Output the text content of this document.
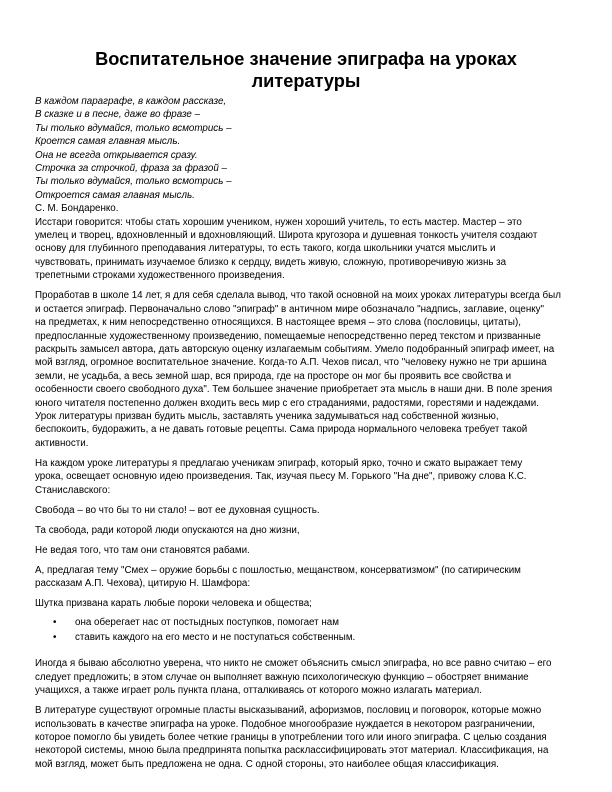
Воспитательное значение эпиграфа на уроках
литературы
В каждом параграфе, в каждом рассказе,
В сказке и в песне, даже во фразе –
Ты только вдумайся, только всмотрись –
Кроется самая главная мысль.
Она не всегда открывается сразу.
Строчка за строчкой, фраза за фразой –
Ты только вдумайся, только всмотрись –
Откроется самая главная мысль.
С. М. Бондаренко.
Исстари говорится: чтобы стать хорошим учеником, нужен хороший учитель, то есть мастер. Мастер – это
умелец и творец, вдохновленный и вдохновляющий. Широта кругозора и душевная тонкость учителя создают
основу для глубинного преподавания литературы, то есть такого, когда школьники учатся мыслить и
чувствовать, принимать изучаемое близко к сердцу, видеть живую, сложную, противоречивую жизнь за
трепетными строками художественного произведения.
Проработав в школе 14 лет, я для себя сделала вывод, что такой основной на моих уроках литературы всегда был
и остается эпиграф. Первоначально слово "эпиграф" в античном мире обозначало "надпись, заглавие, оценку"
на предметах, к ним непосредственно относящихся. В настоящее время – это слова (пословицы, цитаты),
предпосланные художественному произведению, помещаемые непосредственно перед текстом и призванные
раскрыть замысел автора, дать авторскую оценку излагаемым событиям. Умело подобранный эпиграф имеет, на
мой взгляд, огромное воспитательное значение. Когда-то А.П. Чехов писал, что "человеку нужно не три аршина
земли, не усадьба, а весь земной шар, вся природа, где на просторе он мог бы проявить все свойства и
особенности своего свободного духа". Тем большее значение приобретает эта мысль в наши дни. В поле зрения
юного читателя постепенно должен входить весь мир с его страданиями, радостями, горестями и надеждами.
Урок литературы призван будить мысль, заставлять ученика задумываться над собственной жизнью,
беспокоить, будоражить, а не давать готовые рецепты. Сама природа нормального человека требует такой
активности.
На каждом уроке литературы я предлагаю ученикам эпиграф, который ярко, точно и сжато выражает тему
урока, освещает основную идею произведения. Так, изучая пьесу М. Горького "На дне", привожу слова К.С.
Станиславского:
Свобода – во что бы то ни стало! – вот ее духовная сущность.
Та свобода, ради которой люди опускаются на дно жизни,
Не ведая того, что там они становятся рабами.
А, предлагая тему "Смех – оружие борьбы с пошлостью, мещанством, консерватизмом" (по сатирическим
рассказам А.П. Чехова), цитирую Н. Шамфора:
Шутка призвана карать любые пороки человека и общества;
• она оберегает нас от постыдных поступков, помогает нам
• ставить каждого на его место и не поступаться собственным.
Иногда я бываю абсолютно уверена, что никто не сможет объяснить смысл эпиграфа, но все равно считаю – его
следует предложить; в этом случае он выполняет важную психологическую функцию – обостряет внимание
учащихся, а также играет роль пункта плана, отталкиваясь от которого можно излагать материал.
В литературе существуют огромные пласты высказываний, афоризмов, пословиц и поговорок, которые можно
использовать в качестве эпиграфа на уроке. Подобное многообразие нуждается в некотором разграничении,
которое помогло бы увидеть более четкие границы в употреблении того или иного эпиграфа. С целью создания
некоторой системы, мною была предпринята попытка расклассифицировать этот материал. Классификация, на
мой взгляд, может быть предложена не одна. С одной стороны, это наиболее общая классификация.
